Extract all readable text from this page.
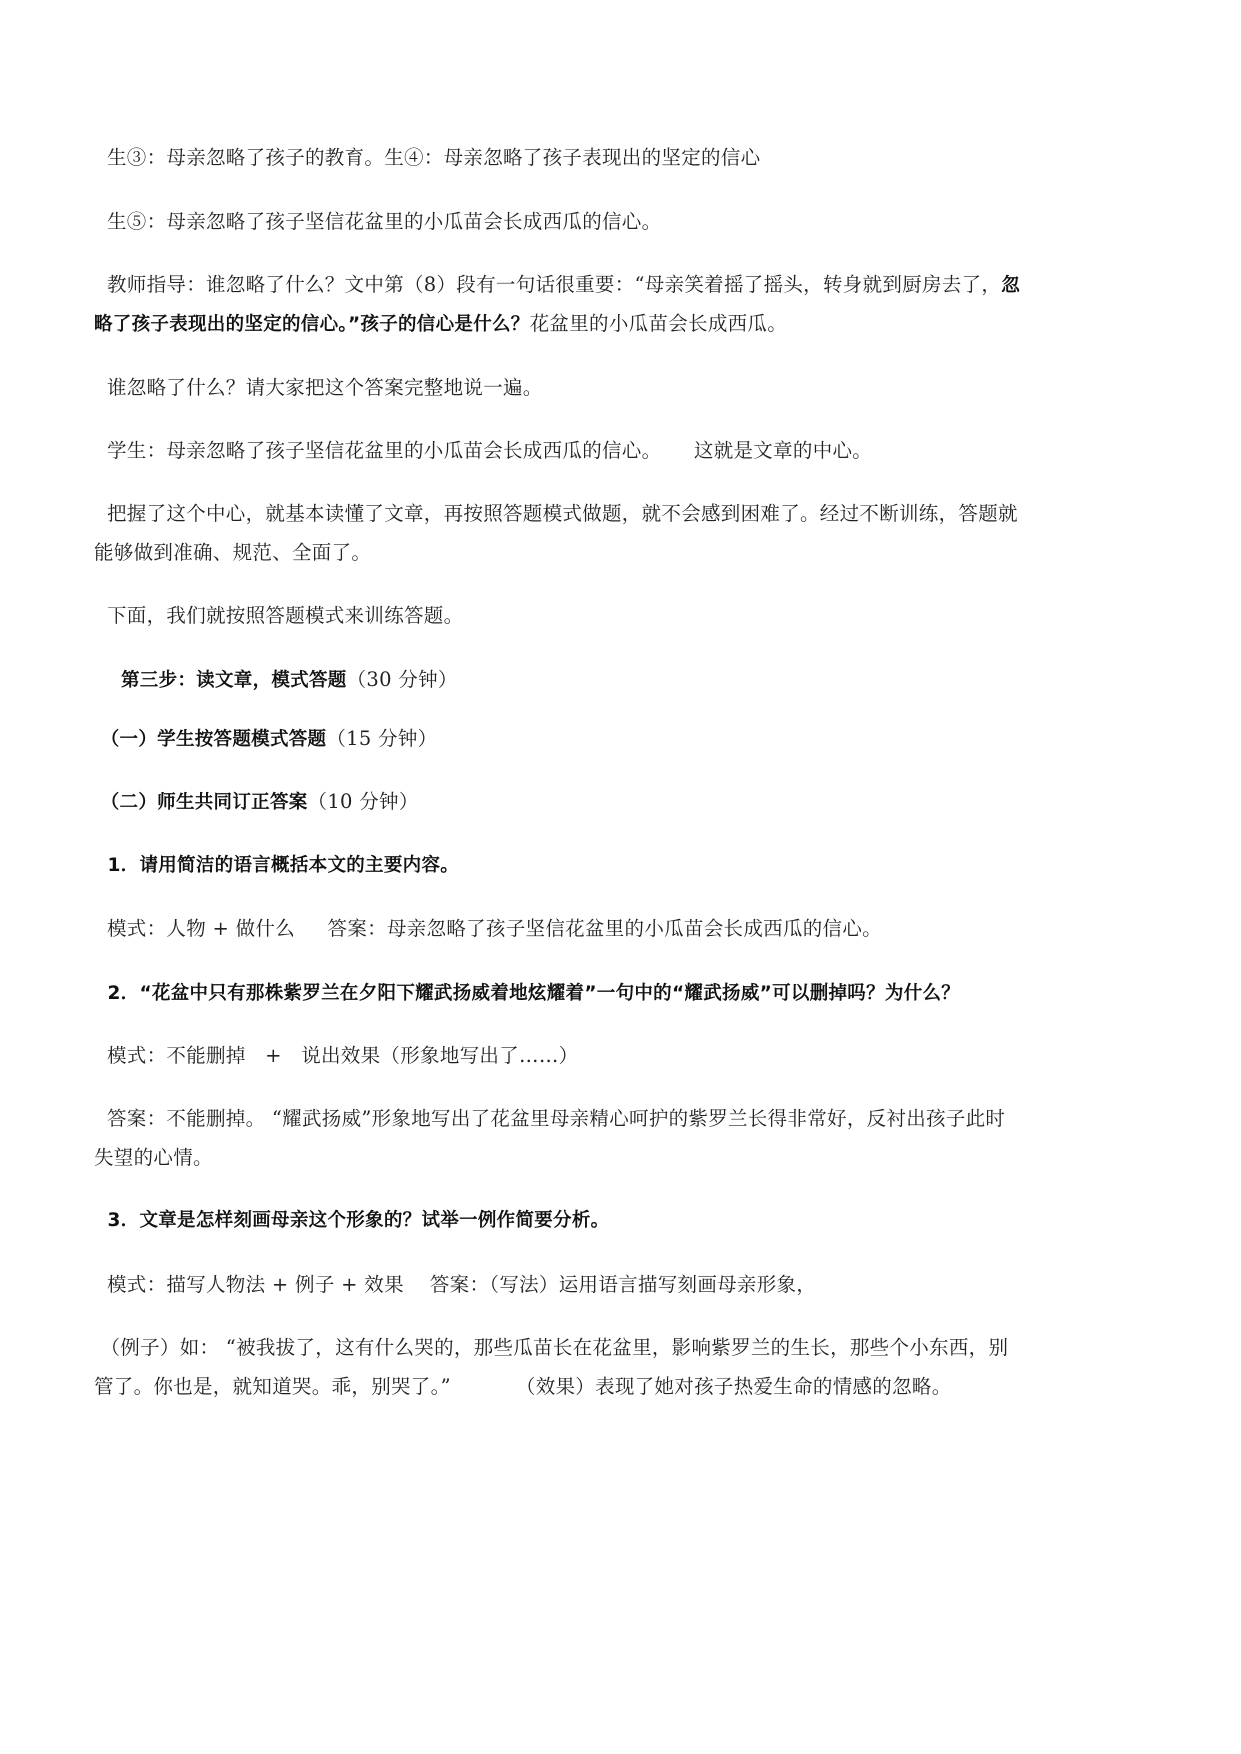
生③：母亲忽略了孩子的教育。生④：母亲忽略了孩子表现出的坚定的信心
生⑤：母亲忽略了孩子坚信花盆里的小瓜苗会长成西瓜的信心。
教师指导：谁忽略了什么？文中第（8）段有一句话很重要：“母亲笑着摇了摇头，转身就到厨房去了，忽
略了孩子表现出的坚定的信心。”孩子的信心是什么？花盆里的小瓜苗会长成西瓜。
谁忽略了什么？请大家把这个答案完整地说一遍。
学生：母亲忽略了孩子坚信花盆里的小瓜苗会长成西瓜的信心。     这就是文章的中心。
把握了这个中心，就基本读懂了文章，再按照答题模式做题，就不会感到困难了。经过不断训练，答题就
能够做到准确、规范、全面了。
下面，我们就按照答题模式来训练答题。
第三步：读文章，模式答题（30 分钟）
（一）学生按答题模式答题（15 分钟）
（二）师生共同订正答案（10 分钟）
1．请用简洁的语言概括本文的主要内容。
模式：人物 + 做什么     答案：母亲忽略了孩子坚信花盆里的小瓜苗会长成西瓜的信心。
2．“花盆中只有那株紫罗兰在夕阳下耀武扬威着地炫耀着”一句中的“耀武扬威”可以删掉吗？为什么？
模式：不能删掉   +   说出效果（形象地写出了……）
答案：不能删掉。 “耀武扬威”形象地写出了花盆里母亲精心呵护的紫罗兰长得非常好，反衬出孩子此时
失望的心情。
3．文章是怎样刻画母亲这个形象的？试举一例作简要分析。
模式：描写人物法 + 例子 + 效果    答案：（写法）运用语言描写刻画母亲形象，
（例子）如： “被我拔了，这有什么哭的，那些瓜苗长在花盆里，影响紫罗兰的生长，那些个小东西，别
管了。你也是，就知道哭。乖，别哭了。”          （效果）表现了她对孩子热爱生命的情感的忽略。
